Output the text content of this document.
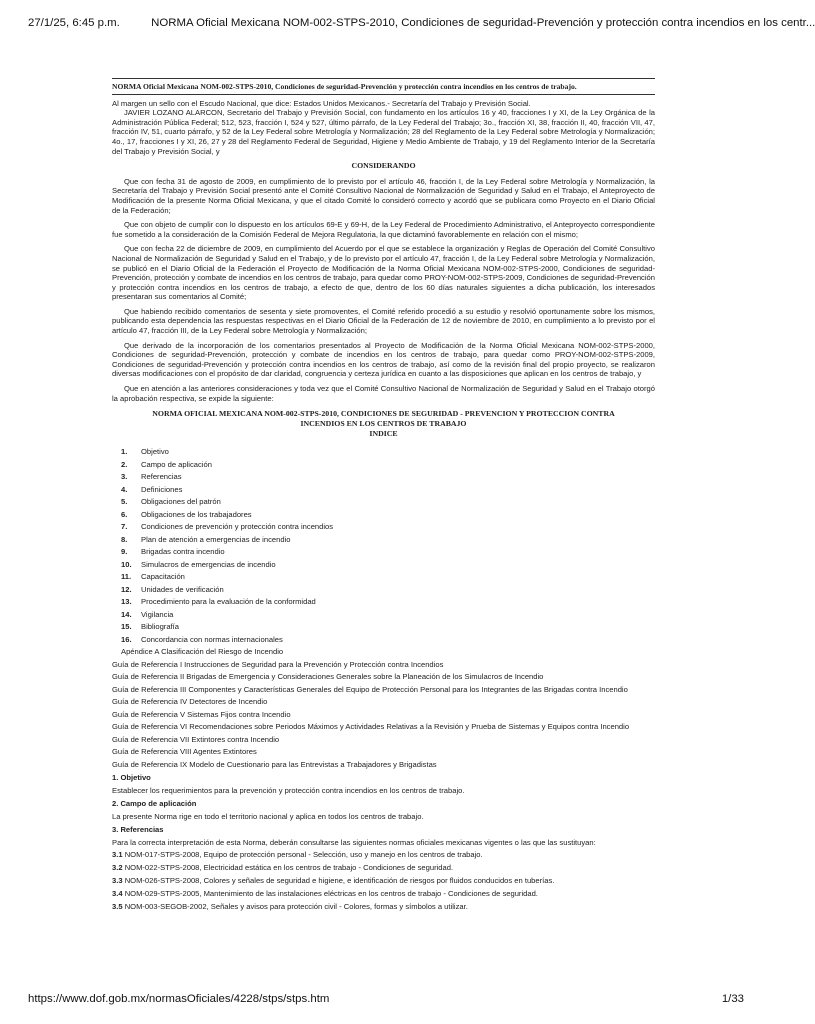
27/1/25, 6:45 p.m.	NORMA Oficial Mexicana NOM-002-STPS-2010, Condiciones de seguridad-Prevención y protección contra incendios en los centr...
NORMA Oficial Mexicana NOM-002-STPS-2010, Condiciones de seguridad-Prevención y protección contra incendios en los centros de trabajo.

Al margen un sello con el Escudo Nacional, que dice: Estados Unidos Mexicanos.- Secretaría del Trabajo y Previsión Social.

JAVIER LOZANO ALARCON, Secretario del Trabajo y Previsión Social, con fundamento en los artículos 16 y 40, fracciones I y XI, de la Ley Orgánica de la Administración Pública Federal; 512, 523, fracción I, 524 y 527, último párrafo, de la Ley Federal del Trabajo; 3o., fracción XI, 38, fracción II, 40, fracción VII, 47, fracción IV, 51, cuarto párrafo, y 52 de la Ley Federal sobre Metrología y Normalización; 28 del Reglamento de la Ley Federal sobre Metrología y Normalización; 4o., 17, fracciones I y XI, 26, 27 y 28 del Reglamento Federal de Seguridad, Higiene y Medio Ambiente de Trabajo, y 19 del Reglamento Interior de la Secretaría del Trabajo y Previsión Social, y

CONSIDERANDO

Que con fecha 31 de agosto de 2009, en cumplimiento de lo previsto por el artículo 46, fracción I, de la Ley Federal sobre Metrología y Normalización, la Secretaría del Trabajo y Previsión Social presentó ante el Comité Consultivo Nacional de Normalización de Seguridad y Salud en el Trabajo, el Anteproyecto de Modificación de la presente Norma Oficial Mexicana, y que el citado Comité lo consideró correcto y acordó que se publicara como Proyecto en el Diario Oficial de la Federación;

Que con objeto de cumplir con lo dispuesto en los artículos 69-E y 69-H, de la Ley Federal de Procedimiento Administrativo, el Anteproyecto correspondiente fue sometido a la consideración de la Comisión Federal de Mejora Regulatoria, la que dictaminó favorablemente en relación con el mismo;

Que con fecha 22 de diciembre de 2009, en cumplimiento del Acuerdo por el que se establece la organización y Reglas de Operación del Comité Consultivo Nacional de Normalización de Seguridad y Salud en el Trabajo, y de lo previsto por el artículo 47, fracción I, de la Ley Federal sobre Metrología y Normalización, se publicó en el Diario Oficial de la Federación el Proyecto de Modificación de la Norma Oficial Mexicana NOM-002-STPS-2000, Condiciones de seguridad-Prevención, protección y combate de incendios en los centros de trabajo, para quedar como PROY-NOM-002-STPS-2009, Condiciones de seguridad-Prevención y protección contra incendios en los centros de trabajo, a efecto de que, dentro de los 60 días naturales siguientes a dicha publicación, los interesados presentaran sus comentarios al Comité;

Que habiendo recibido comentarios de sesenta y siete promoventes, el Comité referido procedió a su estudio y resolvió oportunamente sobre los mismos, publicando esta dependencia las respuestas respectivas en el Diario Oficial de la Federación de 12 de noviembre de 2010, en cumplimiento a lo previsto por el artículo 47, fracción III, de la Ley Federal sobre Metrología y Normalización;

Que derivado de la incorporación de los comentarios presentados al Proyecto de Modificación de la Norma Oficial Mexicana NOM-002-STPS-2000, Condiciones de seguridad-Prevención, protección y combate de incendios en los centros de trabajo, para quedar como PROY-NOM-002-STPS-2009, Condiciones de seguridad-Prevención y protección contra incendios en los centros de trabajo, así como de la revisión final del propio proyecto, se realizaron diversas modificaciones con el propósito de dar claridad, congruencia y certeza jurídica en cuanto a las disposiciones que aplican en los centros de trabajo, y

Que en atención a las anteriores consideraciones y toda vez que el Comité Consultivo Nacional de Normalización de Seguridad y Salud en el Trabajo otorgó la aprobación respectiva, se expide la siguiente:

NORMA OFICIAL MEXICANA NOM-002-STPS-2010, CONDICIONES DE SEGURIDAD - PREVENCION Y PROTECCION CONTRA INCENDIOS EN LOS CENTROS DE TRABAJO
INDICE
1. Objetivo
2. Campo de aplicación
3. Referencias
4. Definiciones
5. Obligaciones del patrón
6. Obligaciones de los trabajadores
7. Condiciones de prevención y protección contra incendios
8. Plan de atención a emergencias de incendio
9. Brigadas contra incendio
10. Simulacros de emergencias de incendio
11. Capacitación
12. Unidades de verificación
13. Procedimiento para la evaluación de la conformidad
14. Vigilancia
15. Bibliografía
16. Concordancia con normas internacionales
Apéndice A Clasificación del Riesgo de Incendio
Guía de Referencia I Instrucciones de Seguridad para la Prevención y Protección contra Incendios
Guía de Referencia II Brigadas de Emergencia y Consideraciones Generales sobre la Planeación de los Simulacros de Incendio
Guía de Referencia III Componentes y Características Generales del Equipo de Protección Personal para los Integrantes de las Brigadas contra Incendio
Guía de Referencia IV Detectores de Incendio
Guía de Referencia V Sistemas Fijos contra Incendio
Guía de Referencia VI Recomendaciones sobre Periodos Máximos y Actividades Relativas a la Revisión y Prueba de Sistemas y Equipos contra Incendio
Guía de Referencia VII Extintores contra Incendio
Guía de Referencia VIII Agentes Extintores
Guía de Referencia IX Modelo de Cuestionario para las Entrevistas a Trabajadores y Brigadistas
1. Objetivo
Establecer los requerimientos para la prevención y protección contra incendios en los centros de trabajo.
2. Campo de aplicación
La presente Norma rige en todo el territorio nacional y aplica en todos los centros de trabajo.
3. Referencias
Para la correcta interpretación de esta Norma, deberán consultarse las siguientes normas oficiales mexicanas vigentes o las que las sustituyan:
3.1 NOM-017-STPS-2008, Equipo de protección personal - Selección, uso y manejo en los centros de trabajo.
3.2 NOM-022-STPS-2008, Electricidad estática en los centros de trabajo - Condiciones de seguridad.
3.3 NOM-026-STPS-2008, Colores y señales de seguridad e higiene, e identificación de riesgos por fluidos conducidos en tuberías.
3.4 NOM-029-STPS-2005, Mantenimiento de las instalaciones eléctricas en los centros de trabajo - Condiciones de seguridad.
3.5 NOM-003-SEGOB-2002, Señales y avisos para protección civil - Colores, formas y símbolos a utilizar.
https://www.dof.gob.mx/normasOficiales/4228/stps/stps.htm	1/33
